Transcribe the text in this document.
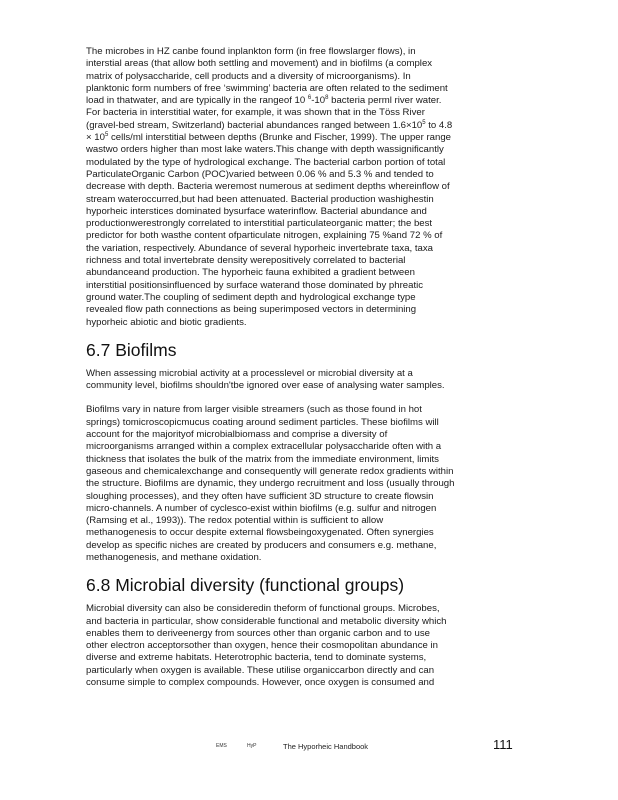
The microbes in HZ canbe found inplankton form (in free flowslarger flows), in
interstial areas (that allow both settling and movement) and in biofilms (a complex
matrix of polysaccharide, cell products and a diversity of microorganisms). In
planktonic form numbers of free ‘swimming’ bacteria are often related to the sediment
load in thatwater, and are typically in the rangeof 10 $^6-10^8$ bacteria perml river water.
For bacteria in interstitial water, for example, it was shown that in the Töss River
(gravel-bed stream, Switzerland) bacterial abundances ranged between $1.6\times 10^5$ to 4.8
× $10^5$ cells/ml interstitial between depths (Brunke and Fischer, 1999). The upper range
wastwo orders higher than most lake waters.This change with depth wassignificantly
modulated by the type of hydrological exchange. The bacterial carbon portion of total
ParticulateOrganic Carbon (POC)varied between 0.06 % and 5.3 % and tended to
decrease with depth. Bacteria weremost numerous at sediment depths whereinflow of
stream wateroccurred,but had been attenuated. Bacterial production washighestin
hyporheic interstices dominated bysurface waterinflow. Bacterial abundance and
productionwerestrongly correlated to interstitial particulateorganic matter; the best
predictor for both wasthe content ofparticulate nitrogen, explaining 75 %and 72 % of
the variation, respectively. Abundance of several hyporheic invertebrate taxa, taxa
richness and total invertebrate density werepositively correlated to bacterial
abundanceand production. The hyporheic fauna exhibited a gradient between
interstitial positionsinfluenced by surface waterand those dominated by phreatic
ground water.The coupling of sediment depth and hydrological exchange type
revealed flow path connections as being superimposed vectors in determining
hyporheic abiotic and biotic gradients.
6.7 Biofilms
When assessing microbial activity at a processlevel or microbial diversity at a
community level, biofilms shouldn'tbe ignored over ease of analysing water samples.
Biofilms vary in nature from larger visible streamers (such as those found in hot
springs) tomicroscopicmucus coating around sediment particles. These biofilms will
account for the majorityof microbialbiomass and comprise a diversity of
microorganisms arranged within a complex extracellular polysaccharide often with a
thickness that isolates the bulk of the matrix from the immediate environment, limits
gaseous and chemicalexchange and consequently will generate redox gradients within
the structure. Biofilms are dynamic, they undergo recruitment and loss (usually through
sloughing processes), and they often have sufficient 3D structure to create flowsin
micro-channels. A number of cyclesco-exist within biofilms (e.g. sulfur and nitrogen
(Ramsing et al., 1993)). The redox potential within is sufficient to allow
methanogenesis to occur despite external flowsbeingoxygenated. Often synergies
develop as specific niches are created by producers and consumers e.g. methane,
methanogenesis, and methane oxidation.
6.8 Microbial diversity (functional groups)
Microbial diversity can also be consideredin theform of functional groups. Microbes,
and bacteria in particular, show considerable functional and metabolic diversity which
enables them to deriveenergy from sources other than organic carbon and to use
other electron acceptorsother than oxygen, hence their cosmopolitan abundance in
diverse and extreme habitats. Heterotrophic bacteria, tend to dominate systems,
particularly when oxygen is available. These utilise organiccarbon directly and can
consume simple to complex compounds. However, once oxygen is consumed and
EMS	HyP	The Hyporheic Handbook	111
